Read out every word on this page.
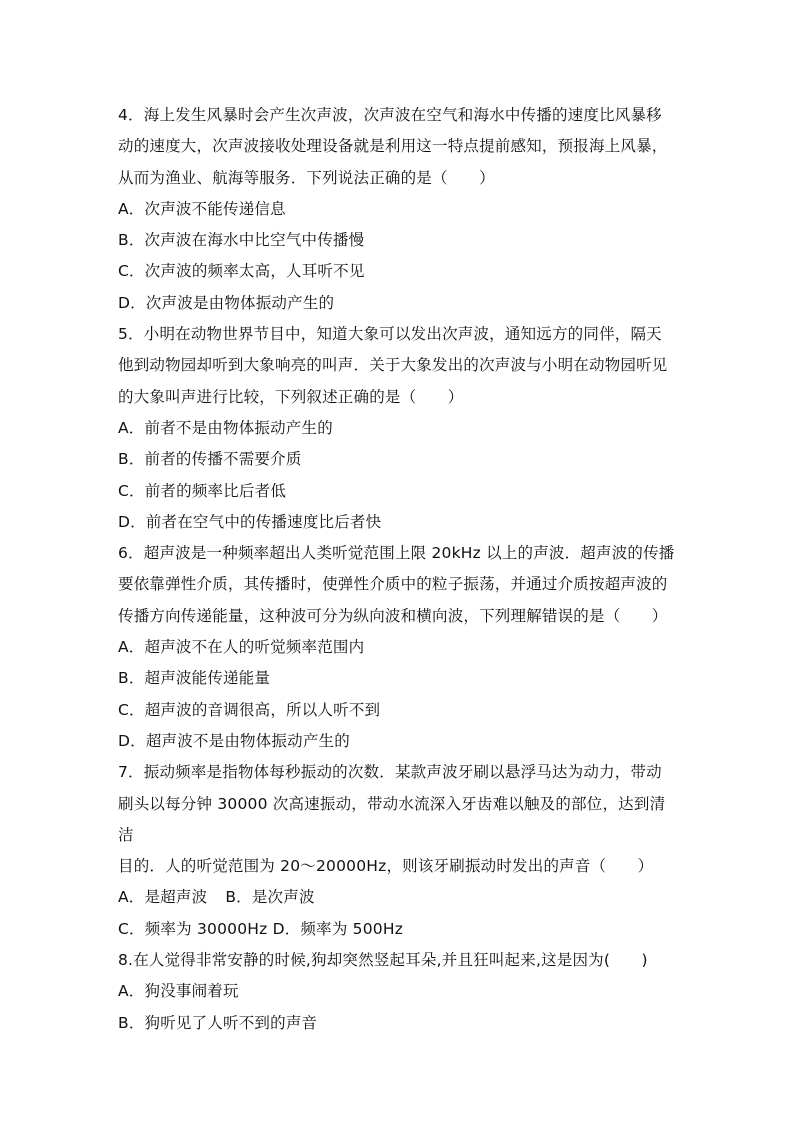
4．海上发生风暴时会产生次声波，次声波在空气和海水中传播的速度比风暴移

动的速度大，次声波接收处理设备就是利用这一特点提前感知，预报海上风暴，

从而为渔业、航海等服务．下列说法正确的是（　　）

A．次声波不能传递信息

B．次声波在海水中比空气中传播慢

C．次声波的频率太高，人耳听不见

D．次声波是由物体振动产生的

5．小明在动物世界节目中，知道大象可以发出次声波，通知远方的同伴，隔天

他到动物园却听到大象响亮的叫声．关于大象发出的次声波与小明在动物园听见

的大象叫声进行比较，下列叙述正确的是（　　）

A．前者不是由物体振动产生的

B．前者的传播不需要介质

C．前者的频率比后者低

D．前者在空气中的传播速度比后者快

6．超声波是一种频率超出人类听觉范围上限 20kHz 以上的声波．超声波的传播

要依靠弹性介质，其传播时，使弹性介质中的粒子振荡，并通过介质按超声波的

传播方向传递能量，这种波可分为纵向波和横向波，下列理解错误的是（　　）

A．超声波不在人的听觉频率范围内

B．超声波能传递能量

C．超声波的音调很高，所以人听不到

D．超声波不是由物体振动产生的

7．振动频率是指物体每秒振动的次数．某款声波牙刷以悬浮马达为动力，带动

刷头以每分钟 30000 次高速振动，带动水流深入牙齿难以触及的部位，达到清洁

目的．人的听觉范围为 20～20000Hz，则该牙刷振动时发出的声音（　　）

A．是超声波 B．是次声波

C．频率为 30000Hz D．频率为 500Hz

8.在人觉得非常安静的时候,狗却突然竖起耳朵,并且狂叫起来,这是因为(　　)

A．狗没事闹着玩

B．狗听见了人听不到的声音
